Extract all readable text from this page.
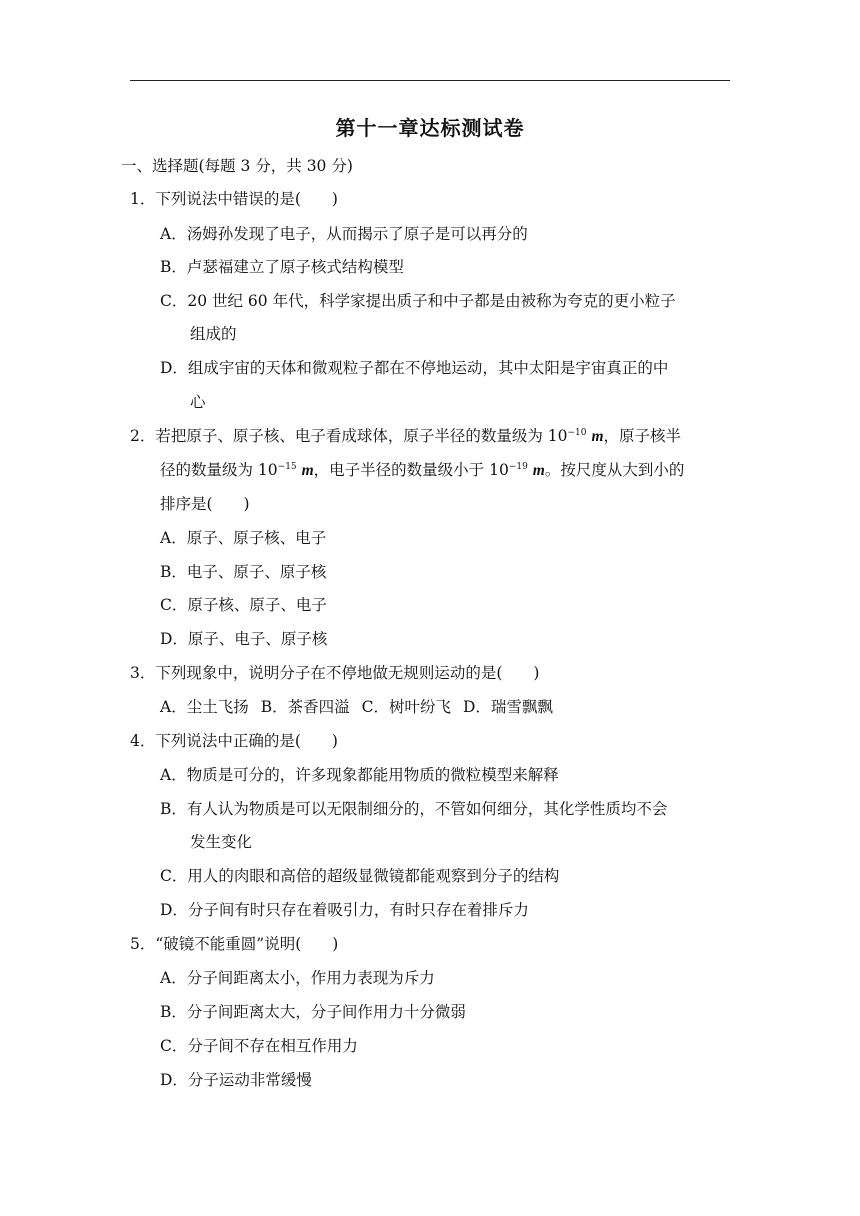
第十一章达标测试卷
一、选择题(每题 3 分，共 30 分)
1．下列说法中错误的是(　　)
A．汤姆孙发现了电子，从而揭示了原子是可以再分的
B．卢瑟福建立了原子核式结构模型
C．20 世纪 60 年代，科学家提出质子和中子都是由被称为夸克的更小粒子
组成的
D．组成宇宙的天体和微观粒子都在不停地运动，其中太阳是宇宙真正的中
心
2．若把原子、原子核、电子看成球体，原子半径的数量级为 $10^{-10}$ m，原子核半
径的数量级为 $10^{-15}$ m，电子半径的数量级小于 $10^{-19}$ m。按尺度从大到小的
排序是(　　)
A．原子、原子核、电子
B．电子、原子、原子核
C．原子核、原子、电子
D．原子、电子、原子核
3．下列现象中，说明分子在不停地做无规则运动的是(　　)
A．尘土飞扬 B．茶香四溢 C．树叶纷飞 D．瑞雪飘飘
4．下列说法中正确的是(　　)
A．物质是可分的，许多现象都能用物质的微粒模型来解释
B．有人认为物质是可以无限制细分的，不管如何细分，其化学性质均不会
发生变化
C．用人的肉眼和高倍的超级显微镜都能观察到分子的结构
D．分子间有时只存在着吸引力，有时只存在着排斥力
5．“破镜不能重圆”说明(　　)
A．分子间距离太小，作用力表现为斥力
B．分子间距离太大，分子间作用力十分微弱
C．分子间不存在相互作用力
D．分子运动非常缓慢
